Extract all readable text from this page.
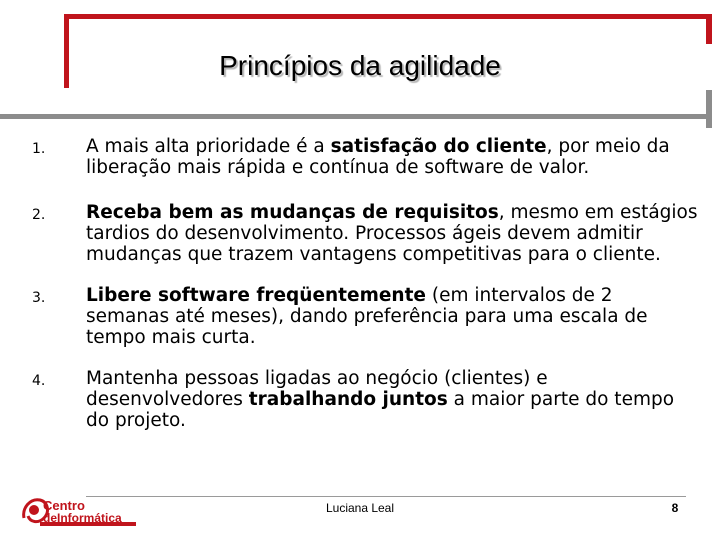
Princípios da agilidade
1. A mais alta prioridade é a satisfação do cliente, por meio da liberação mais rápida e contínua de software de valor.
2. Receba bem as mudanças de requisitos, mesmo em estágios tardios do desenvolvimento. Processos ágeis devem admitir mudanças que trazem vantagens competitivas para o cliente.
3. Libere software freqüentemente (em intervalos de 2 semanas até meses), dando preferência para uma escala de tempo mais curta.
4. Mantenha pessoas ligadas ao negócio (clientes) e desenvolvedores trabalhando juntos a maior parte do tempo do projeto.
Luciana Leal	8
Centro
deInformática
